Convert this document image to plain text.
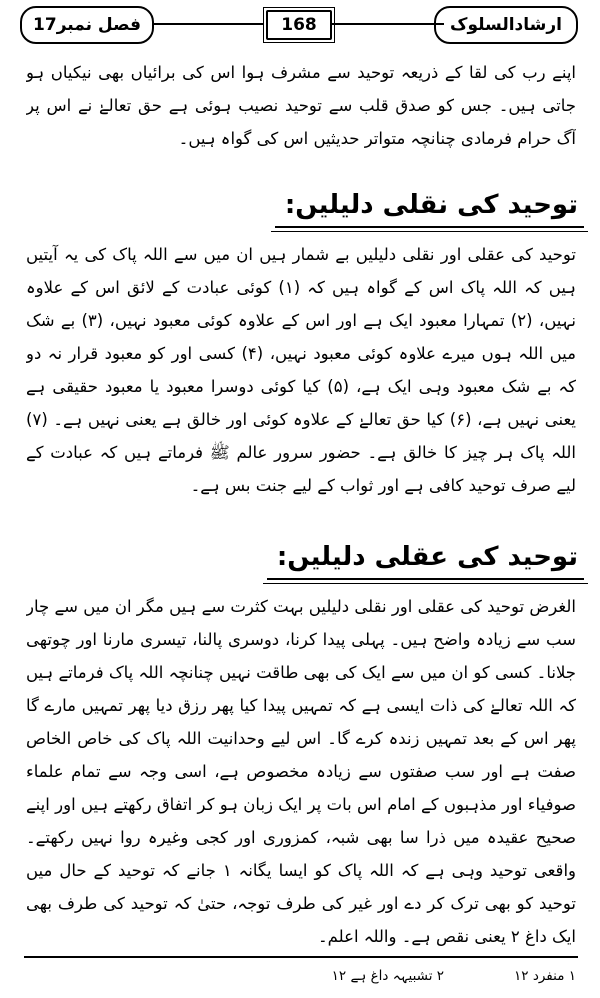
فصل نمبر17	168	ارشادالسلوک
اپنے رب کی لقا کے ذریعہ توحید سے مشرف ہوا اس کی برائیاں بھی نیکیاں ہو جاتی ہیں۔ جس کو صدق قلب سے توحید نصیب ہوئی ہے حق تعالےٰ نے اس پر آگ حرام فرمادی چنانچہ متواتر حدیثیں اس کی گواہ ہیں۔
توحید کی نقلی دلیلیں:
توحید کی عقلی اور نقلی دلیلیں بے شمار ہیں ان میں سے اللہ پاک کی یہ آیتیں ہیں کہ اللہ پاک اس کے گواہ ہیں کہ (۱) کوئی عبادت کے لائق اس کے علاوہ نہیں، (۲) تمہارا معبود ایک ہے اور اس کے علاوہ کوئی معبود نہیں، (۳) بے شک میں اللہ ہوں میرے علاوہ کوئی معبود نہیں، (۴) کسی اور کو معبود قرار نہ دو کہ بے شک معبود وہی ایک ہے، (۵) کیا کوئی دوسرا معبود یا معبود حقیقی ہے یعنی نہیں ہے، (۶) کیا حق تعالےٰ کے علاوہ کوئی اور خالق ہے یعنی نہیں ہے۔ (۷) اللہ پاک ہر چیز کا خالق ہے۔ حضور سرور عالم ﷺ فرماتے ہیں کہ عبادت کے لیے صرف توحید کافی ہے اور ثواب کے لیے جنت بس ہے۔
توحید کی عقلی دلیلیں:
الغرض توحید کی عقلی اور نقلی دلیلیں بہت کثرت سے ہیں مگر ان میں سے چار سب سے زیادہ واضح ہیں۔ پہلی پیدا کرنا، دوسری پالنا، تیسری مارنا اور چوتھی جلانا۔ کسی کو ان میں سے ایک کی بھی طاقت نہیں چنانچہ اللہ پاک فرماتے ہیں کہ اللہ تعالےٰ کی ذات ایسی ہے کہ تمہیں پیدا کیا پھر رزق دیا پھر تمہیں مارے گا پھر اس کے بعد تمہیں زندہ کرے گا۔ اس لیے وحدانیت اللہ پاک کی خاص الخاص صفت ہے اور سب صفتوں سے زیادہ مخصوص ہے، اسی وجہ سے تمام علماء صوفیاء اور مذہبوں کے امام اس بات پر ایک زبان ہو کر اتفاق رکھتے ہیں اور اپنے صحیح عقیدہ میں ذرا سا بھی شبہ، کمزوری اور کجی وغیرہ روا نہیں رکھتے۔ واقعی توحید وہی ہے کہ اللہ پاک کو ایسا یگانہ ۱ جانے کہ توحید کے حال میں توحید کو بھی ترک کر دے اور غیر کی طرف توجہ، حتیٰ کہ توحید کی طرف بھی ایک داغ ۲ یعنی نقص ہے۔ واللہ اعلم۔
۱ منفرد ۱۲
۲ تشبیہہ داغ ہے ۱۲
